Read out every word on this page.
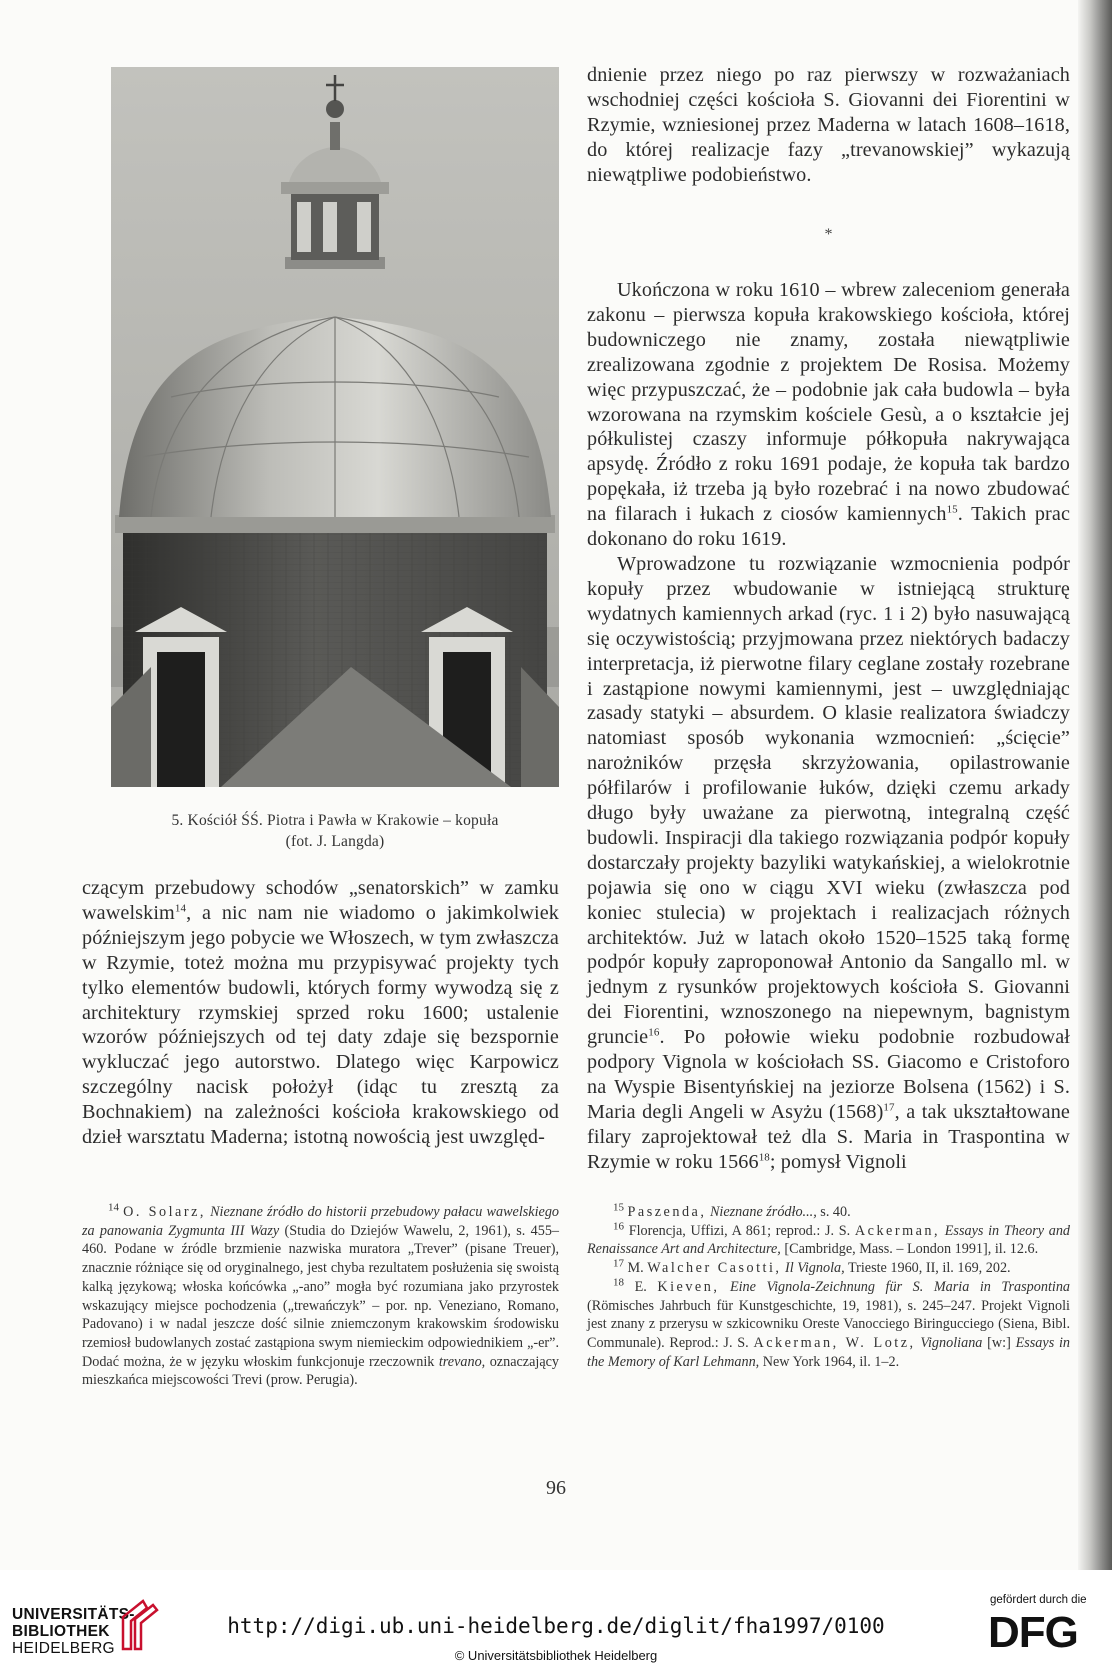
5. Kościół ŚŚ. Piotra i Pawła w Krakowie – kopuła
(fot. J. Langda)

dnienie przez niego po raz pierwszy w rozważaniach wschodniej części kościoła S. Giovanni dei Fiorentini w Rzymie, wzniesionej przez Maderna w latach 1608–1618, do której realizacje fazy „trevanowskiej” wykazują niewątpliwe podobieństwo.

*

Ukończona w roku 1610 – wbrew zaleceniom generała zakonu – pierwsza kopuła krakowskiego kościoła, której budowniczego nie znamy, została niewątpliwie zrealizowana zgodnie z projektem De Rosisa. Możemy więc przypuszczać, że – podobnie jak cała budowla – była wzorowana na rzymskim kościele Gesù, a o kształcie jej półkulistej czaszy informuje półkopuła nakrywająca apsydę. Źródło z roku 1691 podaje, że kopuła tak bardzo popękała, iż trzeba ją było rozebrać i na nowo zbudować na filarach i łukach z ciosów kamiennych$^{15}$. Takich prac dokonano do roku 1619.

Wprowadzone tu rozwiązanie wzmocnienia podpór kopuły przez wbudowanie w istniejącą strukturę wydatnych kamiennych arkad (ryc. 1 i 2) było nasuwającą się oczywistością; przyjmowana przez niektórych badaczy interpretacja, iż pierwotne filary ceglane zostały rozebrane i zastąpione nowymi kamiennymi, jest – uwzględniając zasady statyki – absurdem. O klasie realizatora świadczy natomiast sposób wykonania wzmocnień: „ścięcie” narożników przęsła skrzyżowania, opilastrowanie półfilarów i profilowanie łuków, dzięki czemu arkady długo były uważane za pierwotną, integralną część budowli. Inspiracji dla takiego rozwiązania podpór kopuły dostarczały projekty bazyliki watykańskiej, a wielokrotnie pojawia się ono w ciągu XVI wieku (zwłaszcza pod koniec stulecia) w projektach i realizacjach różnych architektów. Już w latach około 1520–1525 taką formę podpór kopuły zaproponował Antonio da Sangallo ml. w jednym z rysunków projektowych kościoła S. Giovanni dei Fiorentini, wznoszonego na niepewnym, bagnistym gruncie$^{16}$. Po połowie wieku podobnie rozbudował podpory Vignola w kościołach SS. Giacomo e Cristoforo na Wyspie Bisentyńskiej na jeziorze Bolsena (1562) i S. Maria degli Angeli w Asyżu $(1568)^{17}$, a tak ukształtowane filary zaprojektował też dla S. Maria in Traspontina w Rzymie w roku 1566$^{18}$; pomysł Vignoli

czącym przebudowy schodów „senatorskich” w zamku wawelskim$^{14}$, a nic nam nie wiadomo o jakimkolwiek późniejszym jego pobycie we Włoszech, w tym zwłaszcza w Rzymie, toteż można mu przypisywać projekty tych tylko elementów budowli, których formy wywodzą się z architektury rzymskiej sprzed roku 1600; ustalenie wzorów późniejszych od tej daty zdaje się bezspornie wykluczać jego autorstwo. Dlatego więc Karpowicz szczególny nacisk położył (idąc tu zresztą za Bochnakiem) na zależności kościoła krakowskiego od dzieł warsztatu Maderna; istotną nowością jest uwzględ-

$^{14}$ O. Solarz, Nieznane źródło do historii przebudowy pałacu wawelskiego za panowania Zygmunta III Wazy (Studia do Dziejów Wawelu, 2, 1961), s. 455–460. Podane w źródle brzmienie nazwiska muratora „Trever” (pisane Treuer), znacznie różniące się od oryginalnego, jest chyba rezultatem posłużenia się swoistą kalką językową; włoska końcówka „-ano” mogła być rozumiana jako przyrostek wskazujący miejsce pochodzenia („trewańczyk” – por. np. Veneziano, Romano, Padovano) i w nadal jeszcze dość silnie zniemczonym krakowskim środowisku rzemiosł budowlanych zostać zastąpiona swym niemieckim odpowiednikiem „-er”. Dodać można, że w języku włoskim funkcjonuje rzeczownik trevano, oznaczający mieszkańca miejscowości Trevi (prow. Perugia).

$^{15}$ Paszenda, Nieznane źródło..., s. 40.

$^{16}$ Florencja, Uffizi, A 861; reprod.: J. S. Ackerman, Essays in Theory and Renaissance Art and Architecture, [Cambridge, Mass. – London 1991], il. 12.6.

$^{17}$ M. Walcher Casotti, Il Vignola, Trieste 1960, II, il. 169, 202.

$^{18}$ E. Kieven, Eine Vignola-Zeichnung für S. Maria in Traspontina (Römisches Jahrbuch für Kunstgeschichte, 19, 1981), s. 245–247. Projekt Vignoli jest znany z przerysu w szkicowniku Oreste Vanocciego Biringucciego (Siena, Bibl. Communale). Reprod.: J. S. Ackerman, W. Lotz, Vignoliana [w:] Essays in the Memory of Karl Lehmann, New York 1964, il. 1–2.

96
UNIVERSITÄTS-
BIBLIOTHEK
HEIDELBERG
http://digi.ub.uni-heidelberg.de/diglit/fha1997/0100
© Universitätsbibliothek Heidelberg
gefördert durch die
DFG
